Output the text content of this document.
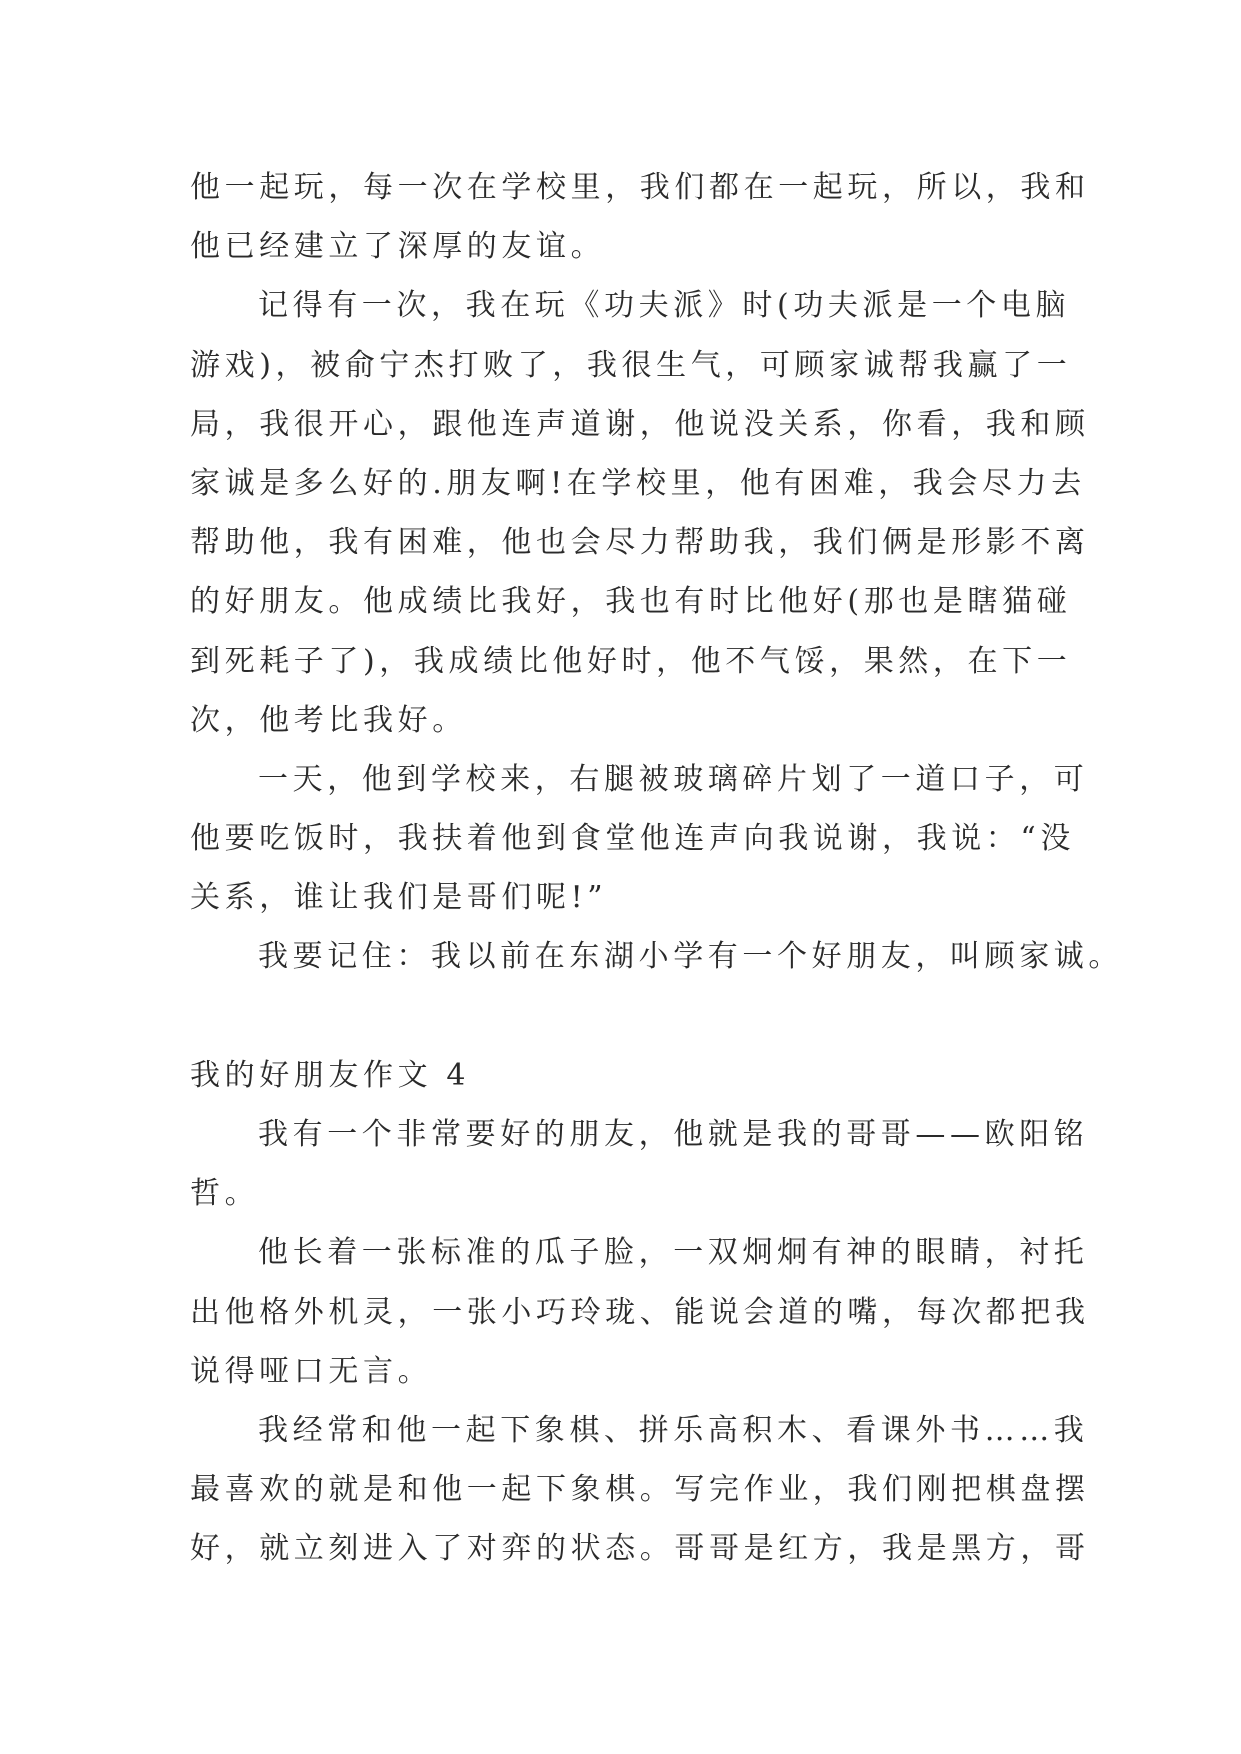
他一起玩，每一次在学校里，我们都在一起玩，所以，我和
他已经建立了深厚的友谊。
记得有一次，我在玩《功夫派》时(功夫派是一个电脑
游戏)，被俞宁杰打败了，我很生气，可顾家诚帮我赢了一
局，我很开心，跟他连声道谢，他说没关系，你看，我和顾
家诚是多么好的.朋友啊!在学校里，他有困难，我会尽力去
帮助他，我有困难，他也会尽力帮助我，我们俩是形影不离
的好朋友。他成绩比我好，我也有时比他好(那也是瞎猫碰
到死耗子了)，我成绩比他好时，他不气馁，果然，在下一
次，他考比我好。
一天，他到学校来，右腿被玻璃碎片划了一道口子，可
他要吃饭时，我扶着他到食堂他连声向我说谢，我说：“没
关系，谁让我们是哥们呢!”
我要记住：我以前在东湖小学有一个好朋友，叫顾家诚。
我的好朋友作文 4
我有一个非常要好的朋友，他就是我的哥哥——欧阳铭
哲。
他长着一张标准的瓜子脸，一双炯炯有神的眼睛，衬托
出他格外机灵，一张小巧玲珑、能说会道的嘴，每次都把我
说得哑口无言。
我经常和他一起下象棋、拼乐高积木、看课外书……我
最喜欢的就是和他一起下象棋。写完作业，我们刚把棋盘摆
好，就立刻进入了对弈的状态。哥哥是红方，我是黑方，哥
